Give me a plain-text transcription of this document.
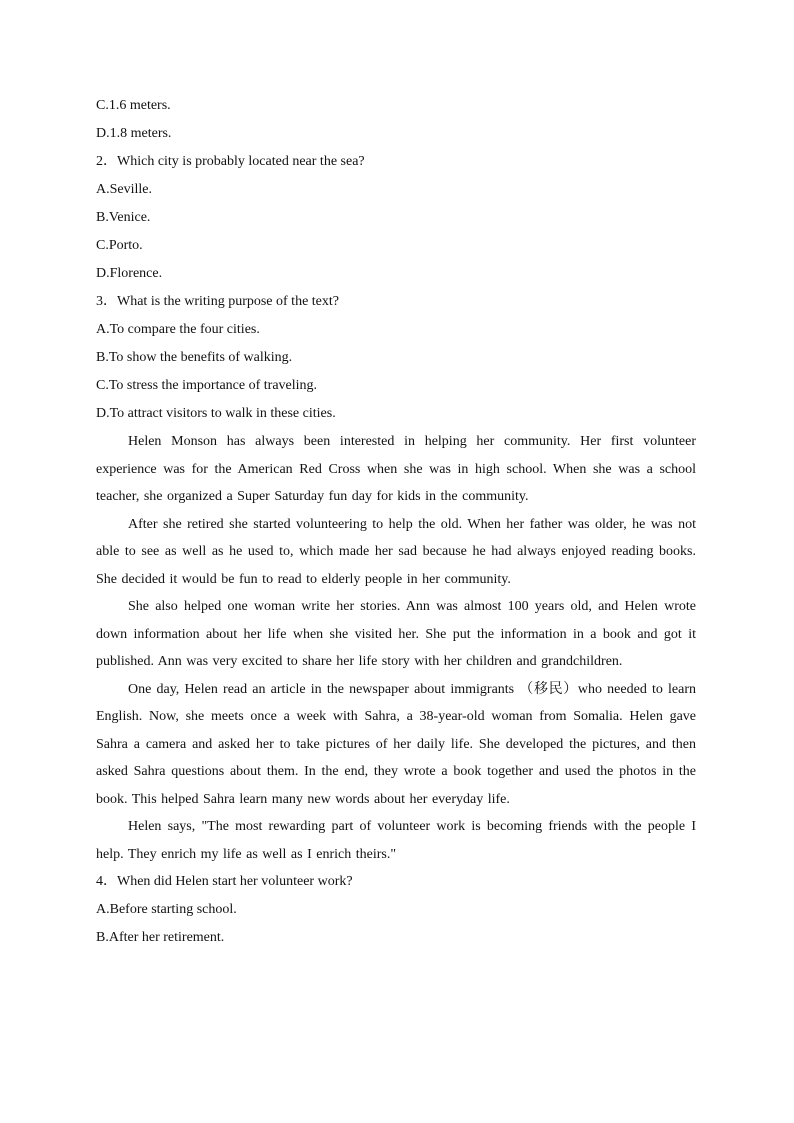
C.1.6 meters.

D.1.8 meters.

2．Which city is probably located near the sea?

A.Seville.

B.Venice.

C.Porto.

D.Florence.

3．What is the writing purpose of the text?

A.To compare the four cities.

B.To show the benefits of walking.

C.To stress the importance of traveling.

D.To attract visitors to walk in these cities.

Helen Monson has always been interested in helping her community. Her first volunteer experience was for the American Red Cross when she was in high school. When she was a school teacher, she organized a Super Saturday fun day for kids in the community.

After she retired she started volunteering to help the old. When her father was older, he was not able to see as well as he used to, which made her sad because he had always enjoyed reading books. She decided it would be fun to read to elderly people in her community.

She also helped one woman write her stories. Ann was almost 100 years old, and Helen wrote down information about her life when she visited her. She put the information in a book and got it published. Ann was very excited to share her life story with her children and grandchildren.

One day, Helen read an article in the newspaper about immigrants （移民）who needed to learn English. Now, she meets once a week with Sahra, a 38-year-old woman from Somalia. Helen gave Sahra a camera and asked her to take pictures of her daily life. She developed the pictures, and then asked Sahra questions about them. In the end, they wrote a book together and used the photos in the book. This helped Sahra learn many new words about her everyday life.

Helen says, "The most rewarding part of volunteer work is becoming friends with the people I help. They enrich my life as well as I enrich theirs."

4．When did Helen start her volunteer work?

A.Before starting school.

B.After her retirement.
